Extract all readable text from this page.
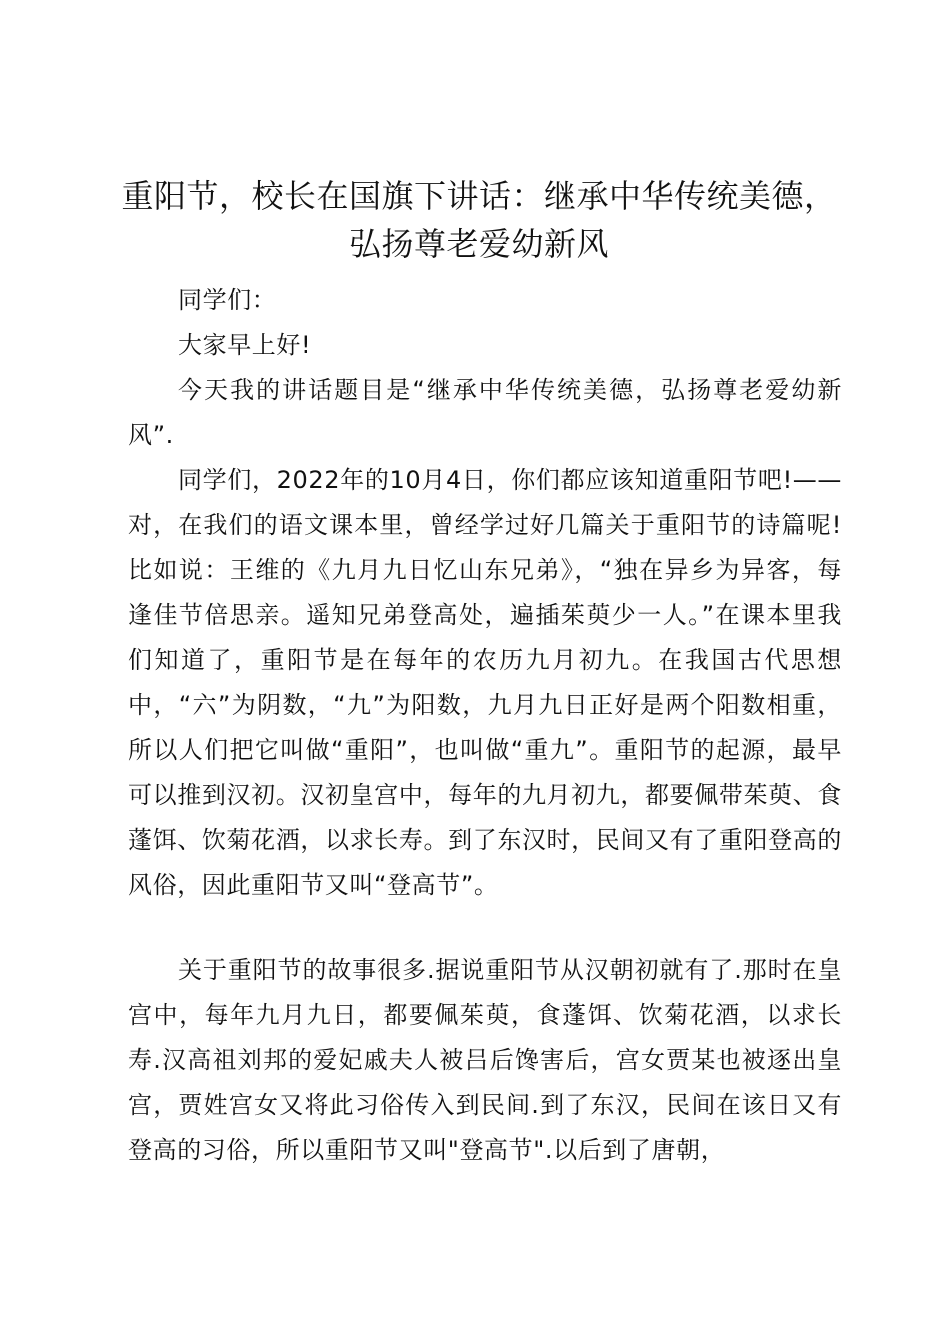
重阳节，校长在国旗下讲话：继承中华传统美德，弘扬尊老爱幼新风

同学们：

大家早上好!

今天我的讲话题目是“继承中华传统美德，弘扬尊老爱幼新风”.

同学们，2022年的10月4日，你们都应该知道重阳节吧!——对，在我们的语文课本里，曾经学过好几篇关于重阳节的诗篇呢!比如说：王维的《九月九日忆山东兄弟》，“独在异乡为异客，每逢佳节倍思亲。遥知兄弟登高处，遍插茱萸少一人。”在课本里我们知道了，重阳节是在每年的农历九月初九。在我国古代思想中，“六”为阴数，“九”为阳数，九月九日正好是两个阳数相重，所以人们把它叫做“重阳”，也叫做“重九”。重阳节的起源，最早可以推到汉初。汉初皇宫中，每年的九月初九，都要佩带茱萸、食蓬饵、饮菊花酒，以求长寿。到了东汉时，民间又有了重阳登高的风俗，因此重阳节又叫“登高节”。

关于重阳节的故事很多.据说重阳节从汉朝初就有了.那时在皇宫中，每年九月九日，都要佩茱萸，食蓬饵、饮菊花酒，以求长寿.汉高祖刘邦的爱妃戚夫人被吕后馋害后，宫女贾某也被逐出皇宫，贾姓宫女又将此习俗传入到民间.到了东汉，民间在该日又有登高的习俗，所以重阳节又叫"登高节".以后到了唐朝，
